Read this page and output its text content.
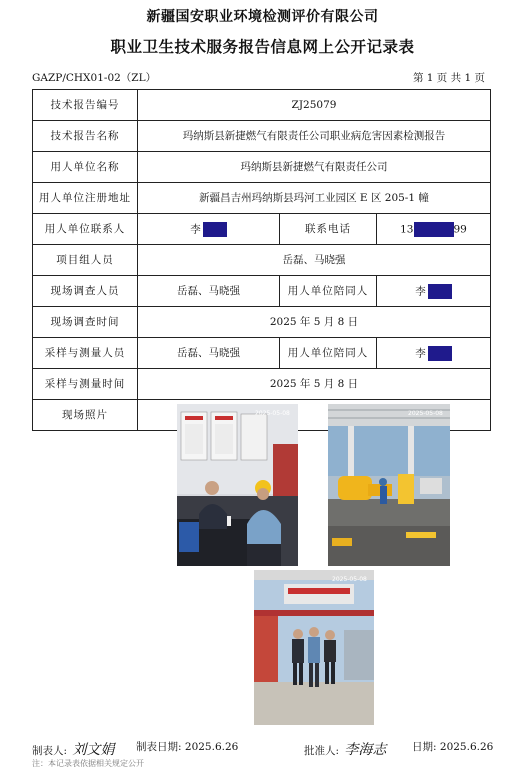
新疆国安职业环境检测评价有限公司
职业卫生技术服务报告信息网上公开记录表
GAZP/CHX01-02（ZL）	第 1 页 共 1 页
技术报告编号	ZJ25079		
技术报告名称	玛纳斯县新捷燃气有限责任公司职业病危害因素检测报告		
用人单位名称	玛纳斯县新捷燃气有限责任公司		
用人单位注册地址	新疆昌吉州玛纳斯县玛河工业园区 E 区 205-1 幢		
用人单位联系人	李	联系电话	13 99
项目组人员	岳磊、马晓强		
现场调查人员	岳磊、马晓强	用人单位陪同人	李
现场调查时间	2025 年 5 月 8 日		
采样与测量人员	岳磊、马晓强	用人单位陪同人	李
采样与测量时间	2025 年 5 月 8 日		
现场照片	2025-05-08 2025-05-08
2025-05-08		
制表人: 刘文娟 制表日期: 2025.6.26	批准人: 李海志 日期: 2025.6.26
注：本记录表依据相关规定公开
